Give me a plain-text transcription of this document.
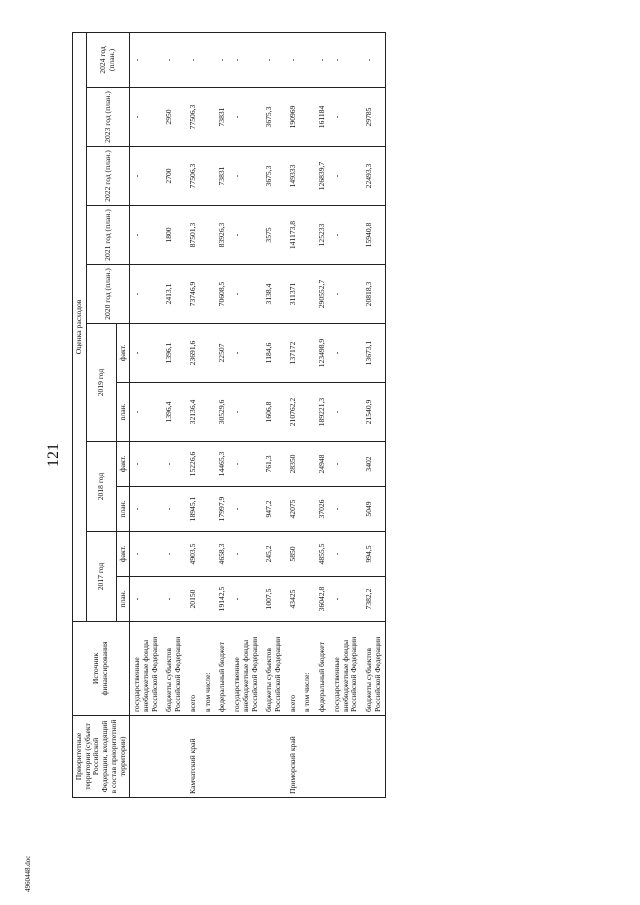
121
4960448.doc
Приоритетные территории (субъект Российской Федерации, входящий в состав приоритетной территории)	Источник финансирования	Оценка расходов										
		2017 год		2018 год		2019 год		2020 год (план.)	2021 год (план.)	2022 год (план.)	2023 год (план.)	2024 год (план.)
		план.	факт.	план.	факт.	план.	факт.					
	государственные внебюджетные фонды Российской Федерации	-	-	-	-	-	-	-	-	-	-	-
	бюджеты субъектов Российской Федерации	-	-	-	-	1396,4	1396,1	2413,1	1800	2700	2950	-
Камчатский край	всего	20150	4903,5	18945,1	15226,6	32136,4	23691,6	73746,9	87501,3	77506,3	77506,3	-
	в том числе:											
	федеральный бюджет	19142,5	4658,3	17997,9	14465,3	30529,6	22507	70608,5	83926,3	73831	73831	-
	государственные внебюджетные фонды Российской Федерации	-	-	-	-	-	-	-	-	-	-	-
	бюджеты субъектов Российской Федерации	1007,5	245,2	947,2	761,3	1606,8	1184,6	3138,4	3575	3675,3	3675,3	-
Приморский край	всего	43425	5850	42075	28350	210762,2	137172	311371	141173,8	149333	190969	-
	в том числе:											
	федеральный бюджет	36042,8	4855,5	37026	24948	189221,3	123498,9	290552,7	125233	126839,7	161184	-
	государственные внебюджетные фонды Российской Федерации	-	-	-	-	-	-	-	-	-	-	-
	бюджеты субъектов Российской Федерации	7382,2	994,5	5049	3402	21540,9	13673,1	20818,3	15940,8	22493,3	29785	-
